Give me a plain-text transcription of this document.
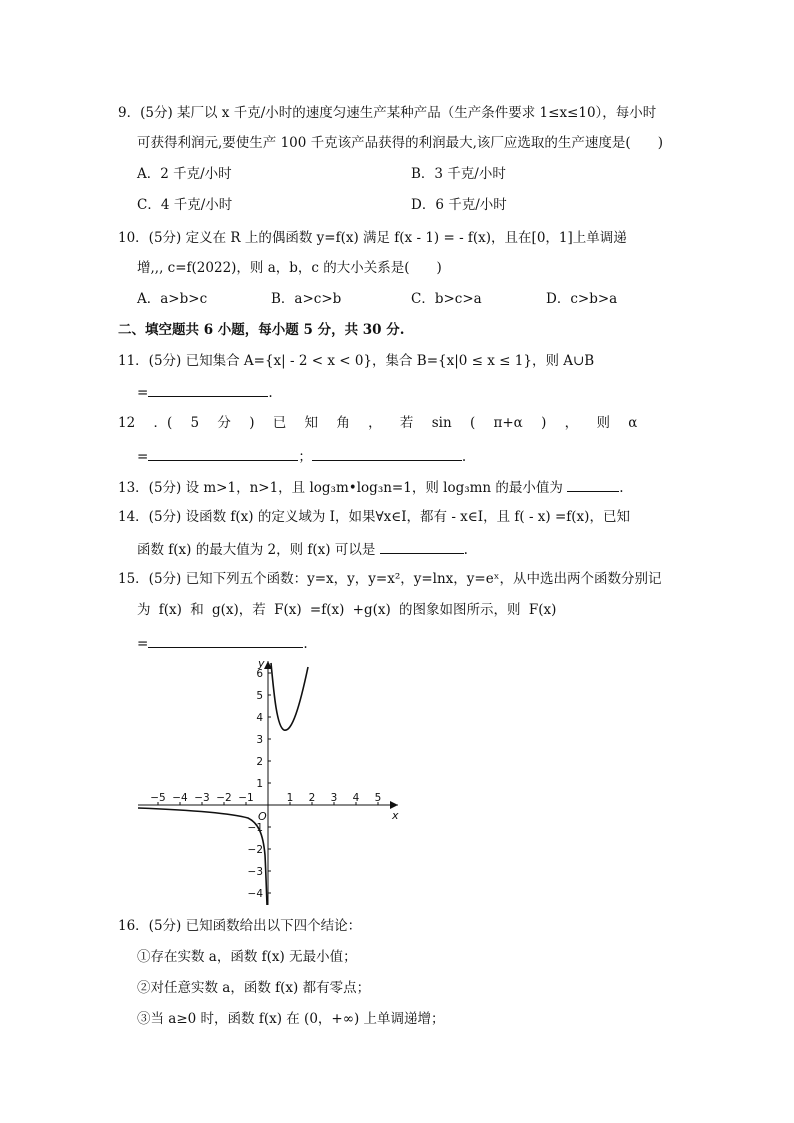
9．(5分) 某厂以 x 千克/小时的速度匀速生产某种产品（生产条件要求 1≤x≤10），每小时
可获得利润元,要使生产 100 千克该产品获得的利润最大,该厂应选取的生产速度是(　　)
A．2 千克/小时	B．3 千克/小时
C．4 千克/小时	D．6 千克/小时
10．(5分) 定义在 R 上的偶函数 y=f(x) 满足 f(x - 1) = - f(x)，且在[0，1]上单调递
增,,, c=f(2022)，则 a，b，c 的大小关系是(　　)
A．a>b>c	B．a>c>b	C．b>c>a	D．c>b>a
二、填空题共 6 小题，每小题 5 分，共 30 分.
11．(5分) 已知集合 A={x| - 2 < x < 0}，集合 B={x|0 ≤ x ≤ 1}，则 A∪B
=	.
12 ．( 5 分 ) 已 知 角 ， 若 sin ( π+α ) ， 则 α
=	；	.
13．(5分) 设 m>1，n>1，且 log₃m•log₃n=1，则 log₃mn 的最小值为	.
14．(5分) 设函数 f(x) 的定义域为 I，如果∀x∈I，都有 - x∈I，且 f( - x) =f(x)，已知
函数 f(x) 的最大值为 2，则 f(x) 可以是	.
15．(5分) 已知下列五个函数：y=x，y，y=x²，y=lnx，y=eˣ，从中选出两个函数分别记
为 f(x) 和 g(x)，若 F(x) =f(x) +g(x) 的图象如图所示，则 F(x)
=	.
−5 −4 −3 −2 −1	1 2 3 4 5
6
5
4
3
2
1
−1
−2
−3
−4
O	x
y
16．(5分) 已知函数给出以下四个结论：
①存在实数 a，函数 f(x) 无最小值；
②对任意实数 a，函数 f(x) 都有零点；
③当 a≥0 时，函数 f(x) 在 (0，+∞) 上单调递增；
